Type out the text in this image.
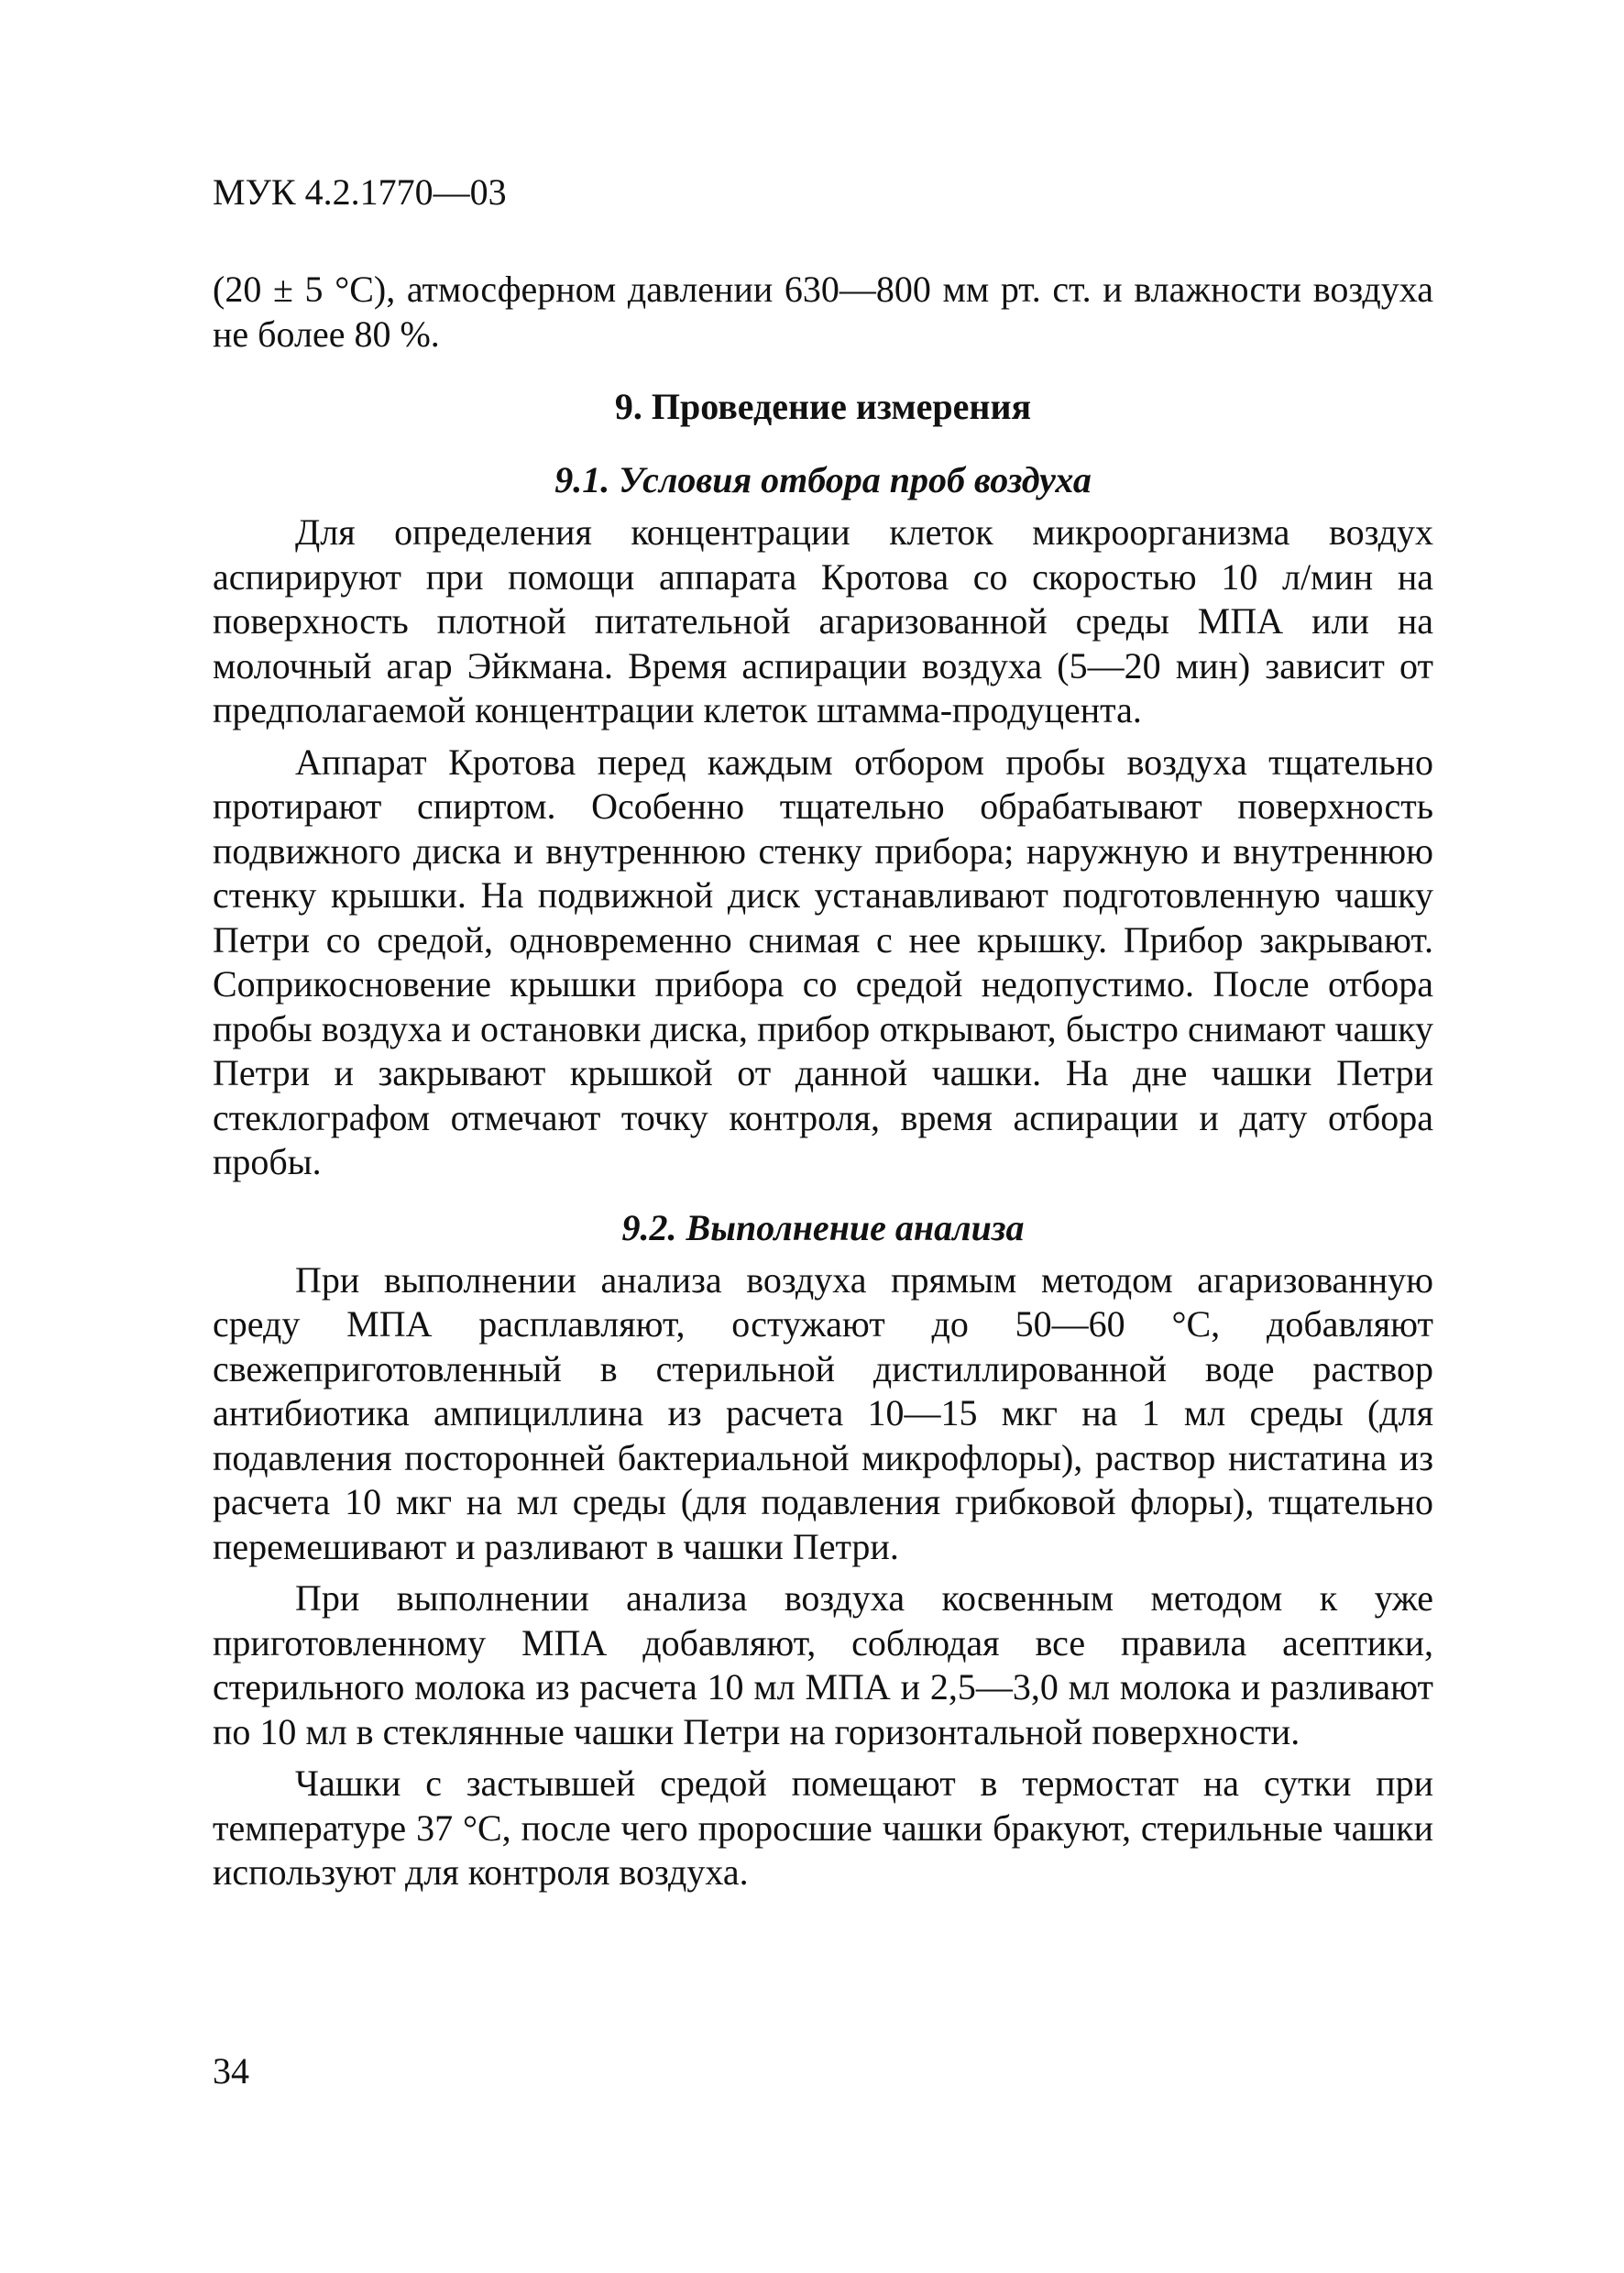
МУК 4.2.1770—03

(20 ± 5 °С), атмосферном давлении 630—800 мм рт. ст. и влажности воздуха не более 80 %.

9. Проведение измерения
9.1. Условия отбора проб воздуха

Для определения концентрации клеток микроорганизма воздух аспирируют при помощи аппарата Кротова со скоростью 10 л/мин на поверхность плотной питательной агаризованной среды МПА или на молочный агар Эйкмана. Время аспирации воздуха (5—20 мин) зависит от предполагаемой концентрации клеток штамма-продуцента.

Аппарат Кротова перед каждым отбором пробы воздуха тщательно протирают спиртом. Особенно тщательно обрабатывают поверхность подвижного диска и внутреннюю стенку прибора; наружную и внутреннюю стенку крышки. На подвижной диск устанавливают подготовленную чашку Петри со средой, одновременно снимая с нее крышку. Прибор закрывают. Соприкосновение крышки прибора со средой недопустимо. После отбора пробы воздуха и остановки диска, прибор открывают, быстро снимают чашку Петри и закрывают крышкой от данной чашки. На дне чашки Петри стеклографом отмечают точку контроля, время аспирации и дату отбора пробы.

9.2. Выполнение анализа

При выполнении анализа воздуха прямым методом агаризованную среду МПА расплавляют, остужают до 50—60 °С, добавляют свежеприготовленный в стерильной дистиллированной воде раствор антибиотика ампициллина из расчета 10—15 мкг на 1 мл среды (для подавления посторонней бактериальной микрофлоры), раствор нистатина из расчета 10 мкг на мл среды (для подавления грибковой флоры), тщательно перемешивают и разливают в чашки Петри.

При выполнении анализа воздуха косвенным методом к уже приготовленному МПА добавляют, соблюдая все правила асептики, стерильного молока из расчета 10 мл МПА и 2,5—3,0 мл молока и разливают по 10 мл в стеклянные чашки Петри на горизонтальной поверхности.

Чашки с застывшей средой помещают в термостат на сутки при температуре 37 °С, после чего проросшие чашки бракуют, стерильные чашки используют для контроля воздуха.

34
